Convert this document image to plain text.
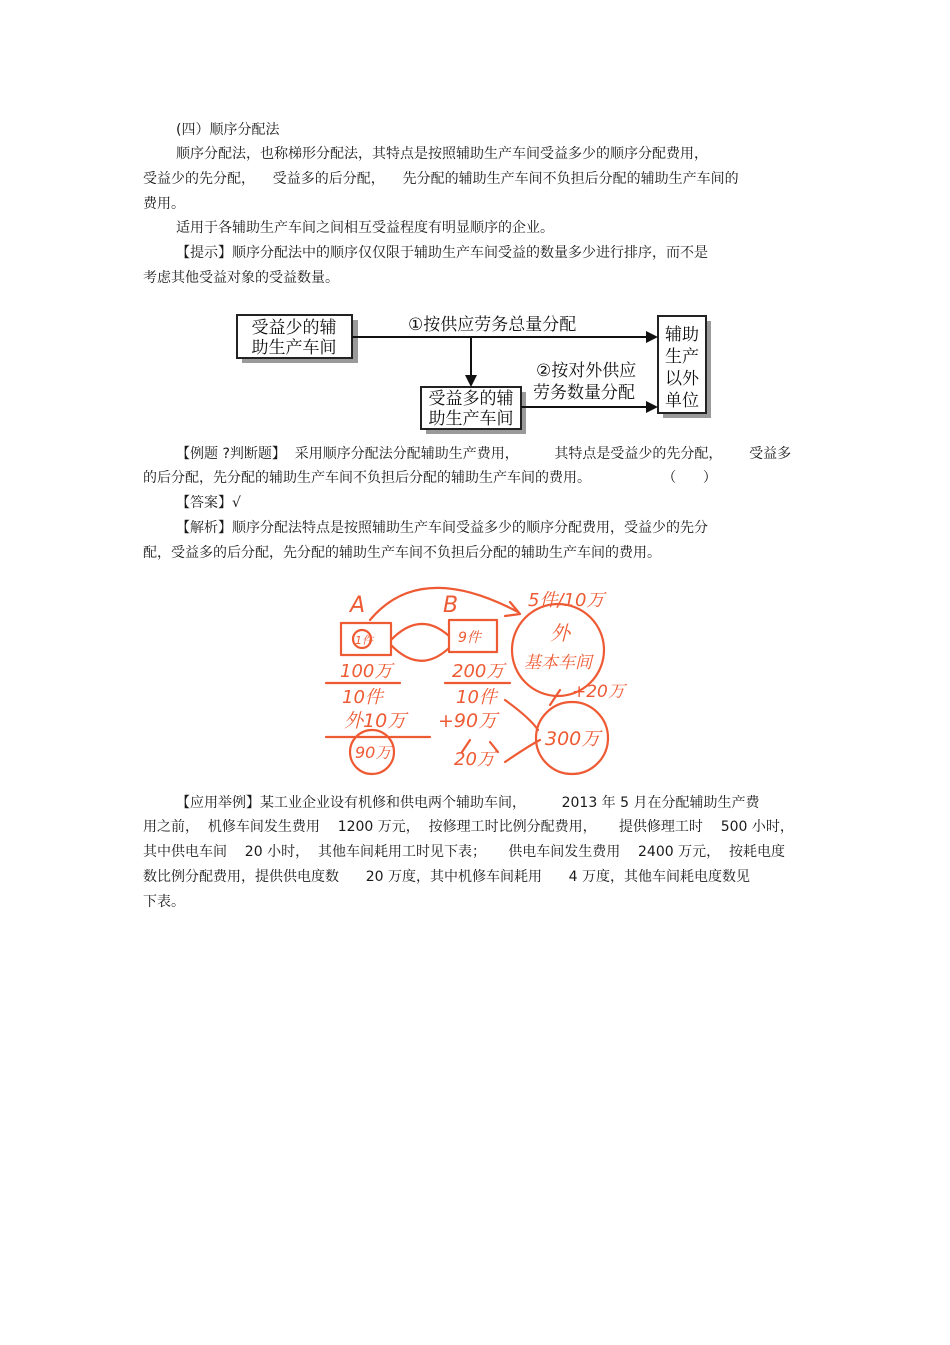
(四）顺序分配法
顺序分配法，也称梯形分配法，其特点是按照辅助生产车间受益多少的顺序分配费用，
受益少的先分配，    受益多的后分配，    先分配的辅助生产车间不负担后分配的辅助生产车间的
费用。
适用于各辅助生产车间之间相互受益程度有明显顺序的企业。
【提示】顺序分配法中的顺序仅仅限于辅助生产车间受益的数量多少进行排序，而不是
考虑其他受益对象的受益数量。
受益少的辅
助生产车间
受益多的辅
助生产车间
辅助
生产
以外
单位
①按供应劳务总量分配
②按对外供应
劳务数量分配
A	B	5件/10万
1件	9件	外
基本车间
100万
10件
200万
10件	+20万
外10万 +90万
90万	20万
300万
【例题 ?判断题】  采用顺序分配法分配辅助生产费用，        其特点是受益少的先分配，      受益多
的后分配，先分配的辅助生产车间不负担后分配的辅助生产车间的费用。                （      ）
【答案】√
【解析】顺序分配法特点是按照辅助生产车间受益多少的顺序分配费用，受益少的先分
配，受益多的后分配，先分配的辅助生产车间不负担后分配的辅助生产车间的费用。
【应用举例】某工业企业设有机修和供电两个辅助车间，        2013 年 5 月在分配辅助生产费
用之前，  机修车间发生费用    1200 万元，  按修理工时比例分配费用，     提供修理工时    500 小时，
其中供电车间    20 小时，  其他车间耗用工时见下表；     供电车间发生费用    2400 万元，  按耗电度
数比例分配费用，提供供电度数      20 万度，其中机修车间耗用      4 万度，其他车间耗电度数见
下表。
